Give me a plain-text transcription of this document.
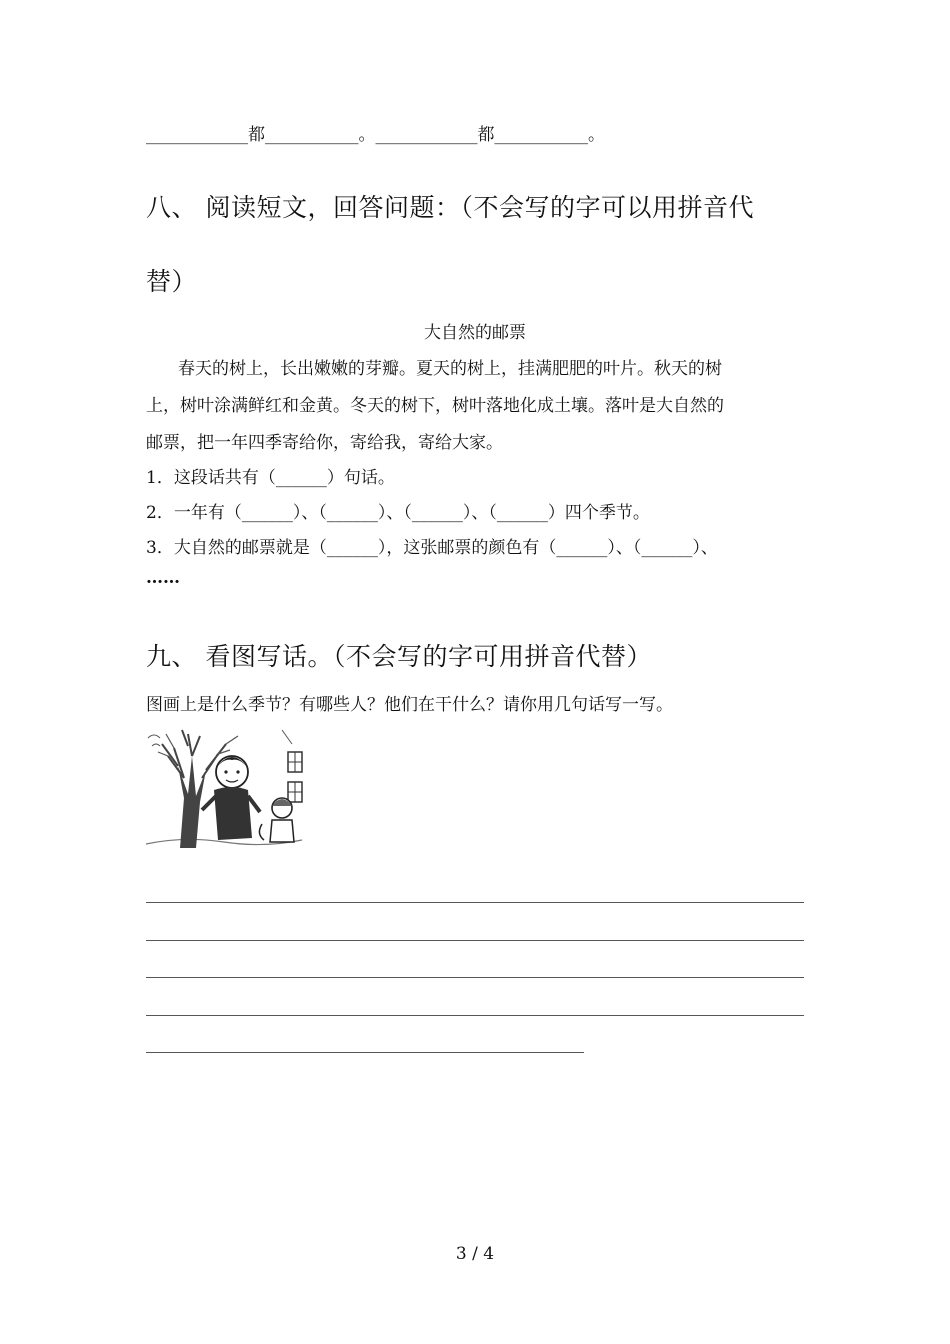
____________都___________。____________都___________。
八、 阅读短文，回答问题：（不会写的字可以用拼音代
替）
大自然的邮票
春天的树上，长出嫩嫩的芽瓣。夏天的树上，挂满肥肥的叶片。秋天的树
上，树叶涂满鲜红和金黄。冬天的树下，树叶落地化成土壤。落叶是大自然的
邮票，把一年四季寄给你，寄给我，寄给大家。
1．这段话共有（______）句话。
2．一年有（______）、（______）、（______）、（______）四个季节。
3．大自然的邮票就是（______），这张邮票的颜色有（______）、（______）、
……
九、 看图写话。（不会写的字可用拼音代替）
图画上是什么季节？有哪些人？他们在干什么？请你用几句话写一写。
3 / 4
